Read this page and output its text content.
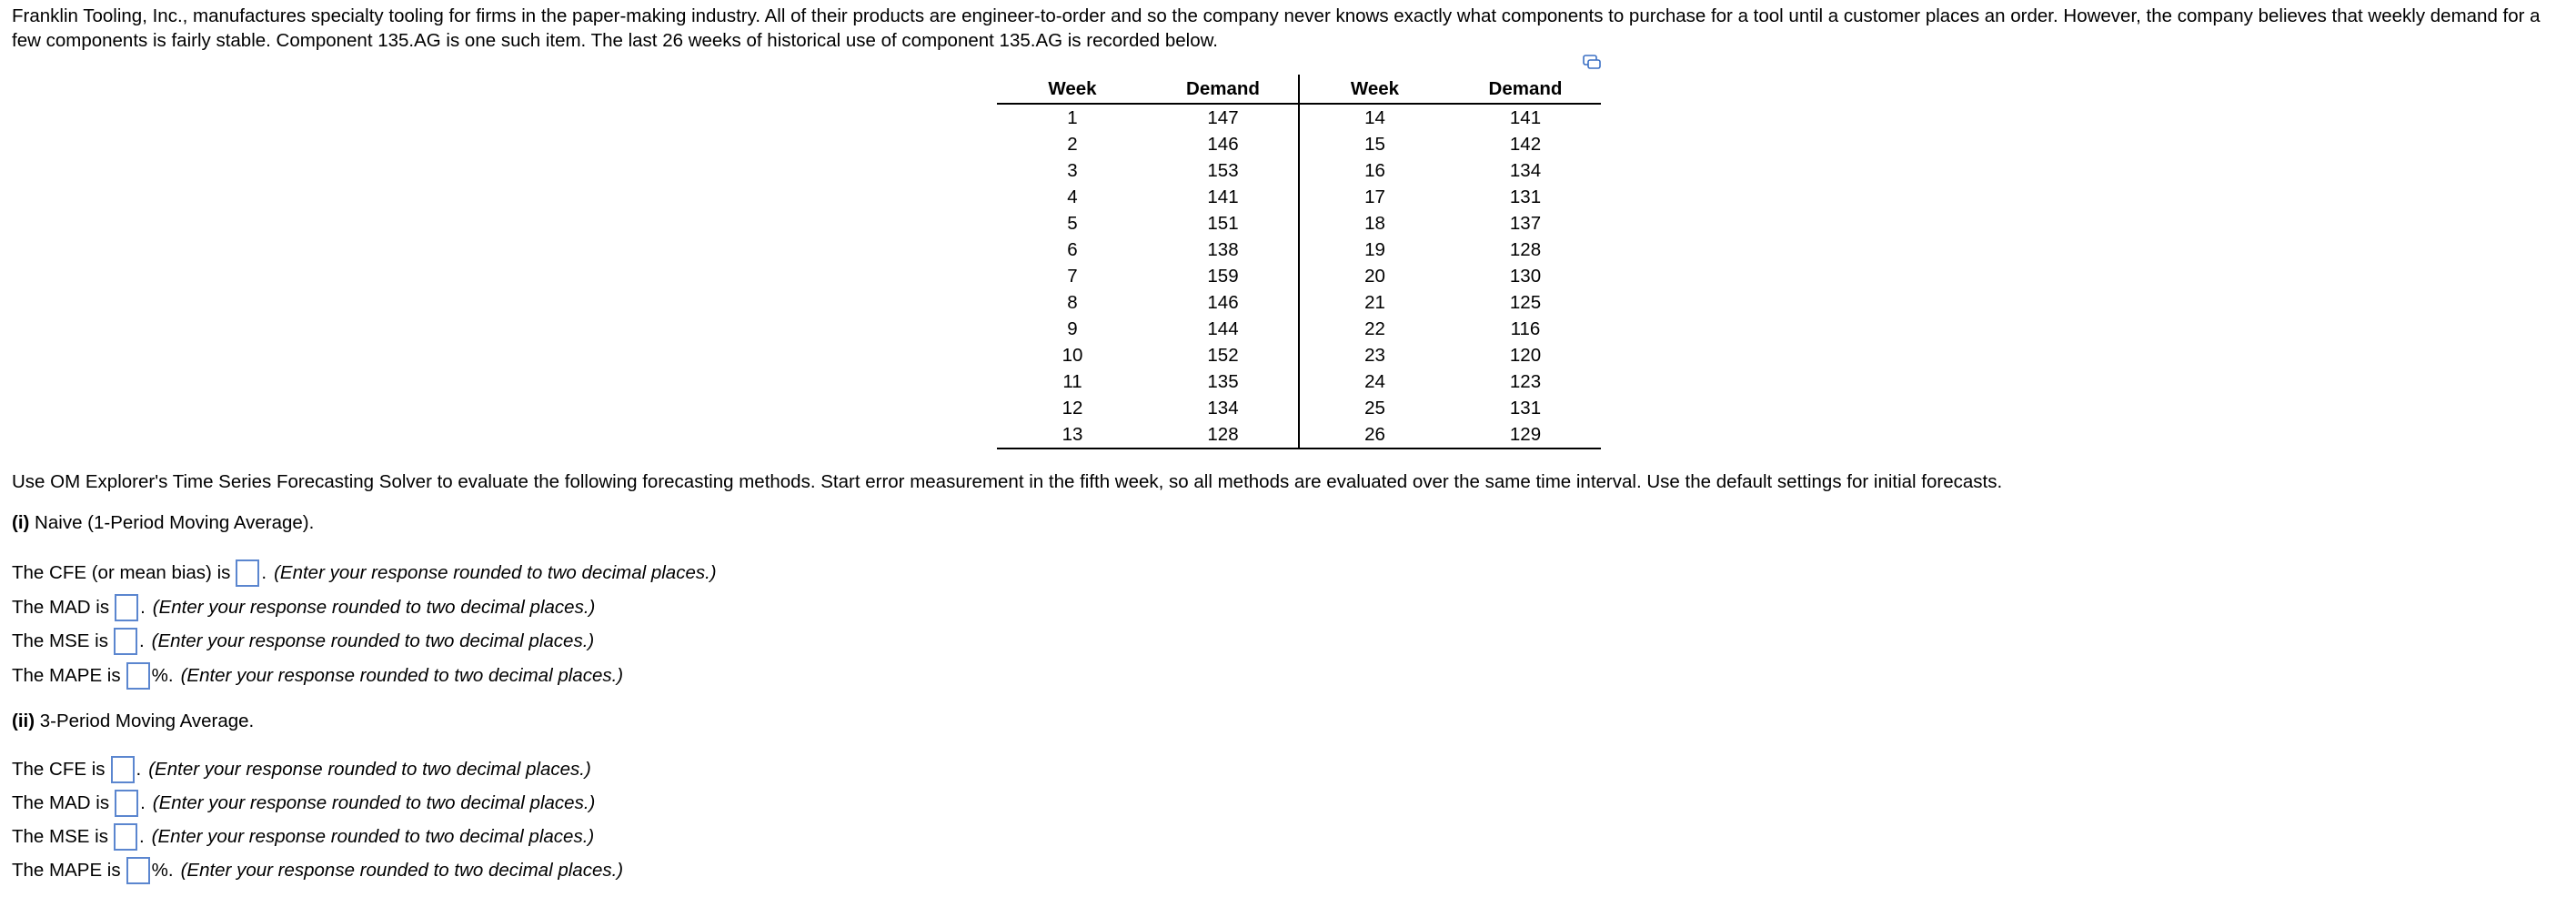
Franklin Tooling, Inc., manufactures specialty tooling for firms in the paper-making industry. All of their products are engineer-to-order and so the company never knows exactly what components to purchase for a tool until a customer places an order. However, the company believes that weekly demand for a
few components is fairly stable. Component 135.AG is one such item. The last 26 weeks of historical use of component 135.AG is recorded below.
Week	Demand	Week	Demand
1	147	14	141
2	146	15	142
3	153	16	134
4	141	17	131
5	151	18	137
6	138	19	128
7	159	20	130
8	146	21	125
9	144	22	116
10	152	23	120
11	135	24	123
12	134	25	131
13	128	26	129
Use OM Explorer's Time Series Forecasting Solver to evaluate the following forecasting methods. Start error measurement in the fifth week, so all methods are evaluated over the same time interval. Use the default settings for initial forecasts.
(i) Naive (1-Period Moving Average).
The CFE (or mean bias) is . (Enter your response rounded to two decimal places.)
The MAD is . (Enter your response rounded to two decimal places.)
The MSE is . (Enter your response rounded to two decimal places.)
The MAPE is %. (Enter your response rounded to two decimal places.)
(ii) 3-Period Moving Average.
The CFE is . (Enter your response rounded to two decimal places.)
The MAD is . (Enter your response rounded to two decimal places.)
The MSE is . (Enter your response rounded to two decimal places.)
The MAPE is %. (Enter your response rounded to two decimal places.)
